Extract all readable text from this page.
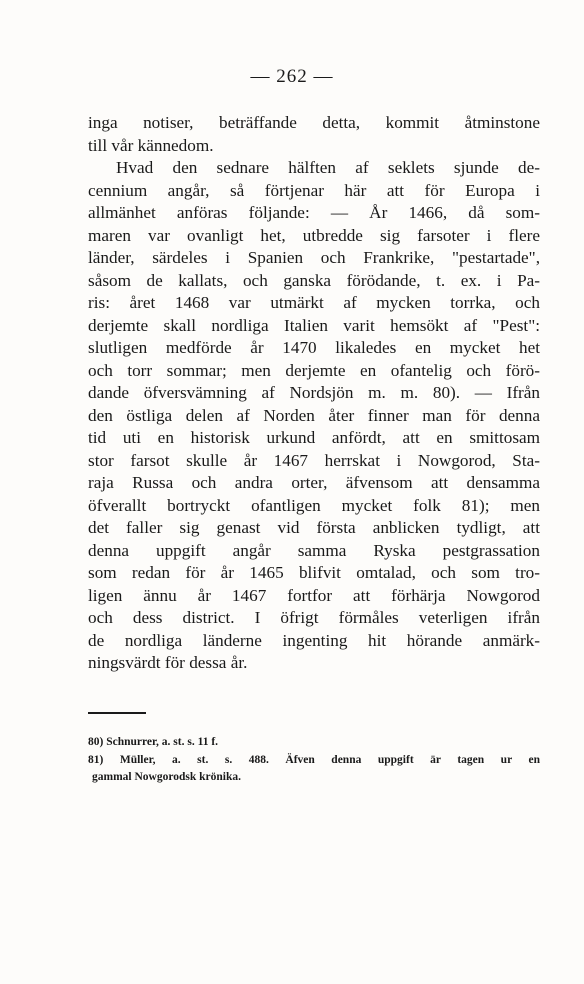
— 262 —
inga notiser, beträffande detta, kommit åtminstone
till vår kännedom.
Hvad den sednare hälften af seklets sjunde de-
cennium angår, så förtjenar här att för Europa i
allmänhet anföras följande: — År 1466, då som-
maren var ovanligt het, utbredde sig farsoter i flere
länder, särdeles i Spanien och Frankrike, "pestartade",
såsom de kallats, och ganska förödande, t. ex. i Pa-
ris: året 1468 var utmärkt af mycken torrka, och
derjemte skall nordliga Italien varit hemsökt af "Pest":
slutligen medförde år 1470 likaledes en mycket het
och torr sommar; men derjemte en ofantelig och förö-
dande öfversvämning af Nordsjön m. m. 80). — Ifrån
den östliga delen af Norden åter finner man för denna
tid uti en historisk urkund anfördt, att en smittosam
stor farsot skulle år 1467 herrskat i Nowgorod, Sta-
raja Russa och andra orter, äfvensom att densamma
öfverallt bortryckt ofantligen mycket folk 81); men
det faller sig genast vid första anblicken tydligt, att
denna uppgift angår samma Ryska pestgrassation
som redan för år 1465 blifvit omtalad, och som tro-
ligen ännu år 1467 fortfor att förhärja Nowgorod
och dess district. I öfrigt förmåles veterligen ifrån
de nordliga länderne ingenting hit hörande anmärk-
ningsvärdt för dessa år.
80) Schnurrer, a. st. s. 11 f.
81) Müller, a. st. s. 488. Äfven denna uppgift är tagen ur en
gammal Nowgorodsk krönika.
